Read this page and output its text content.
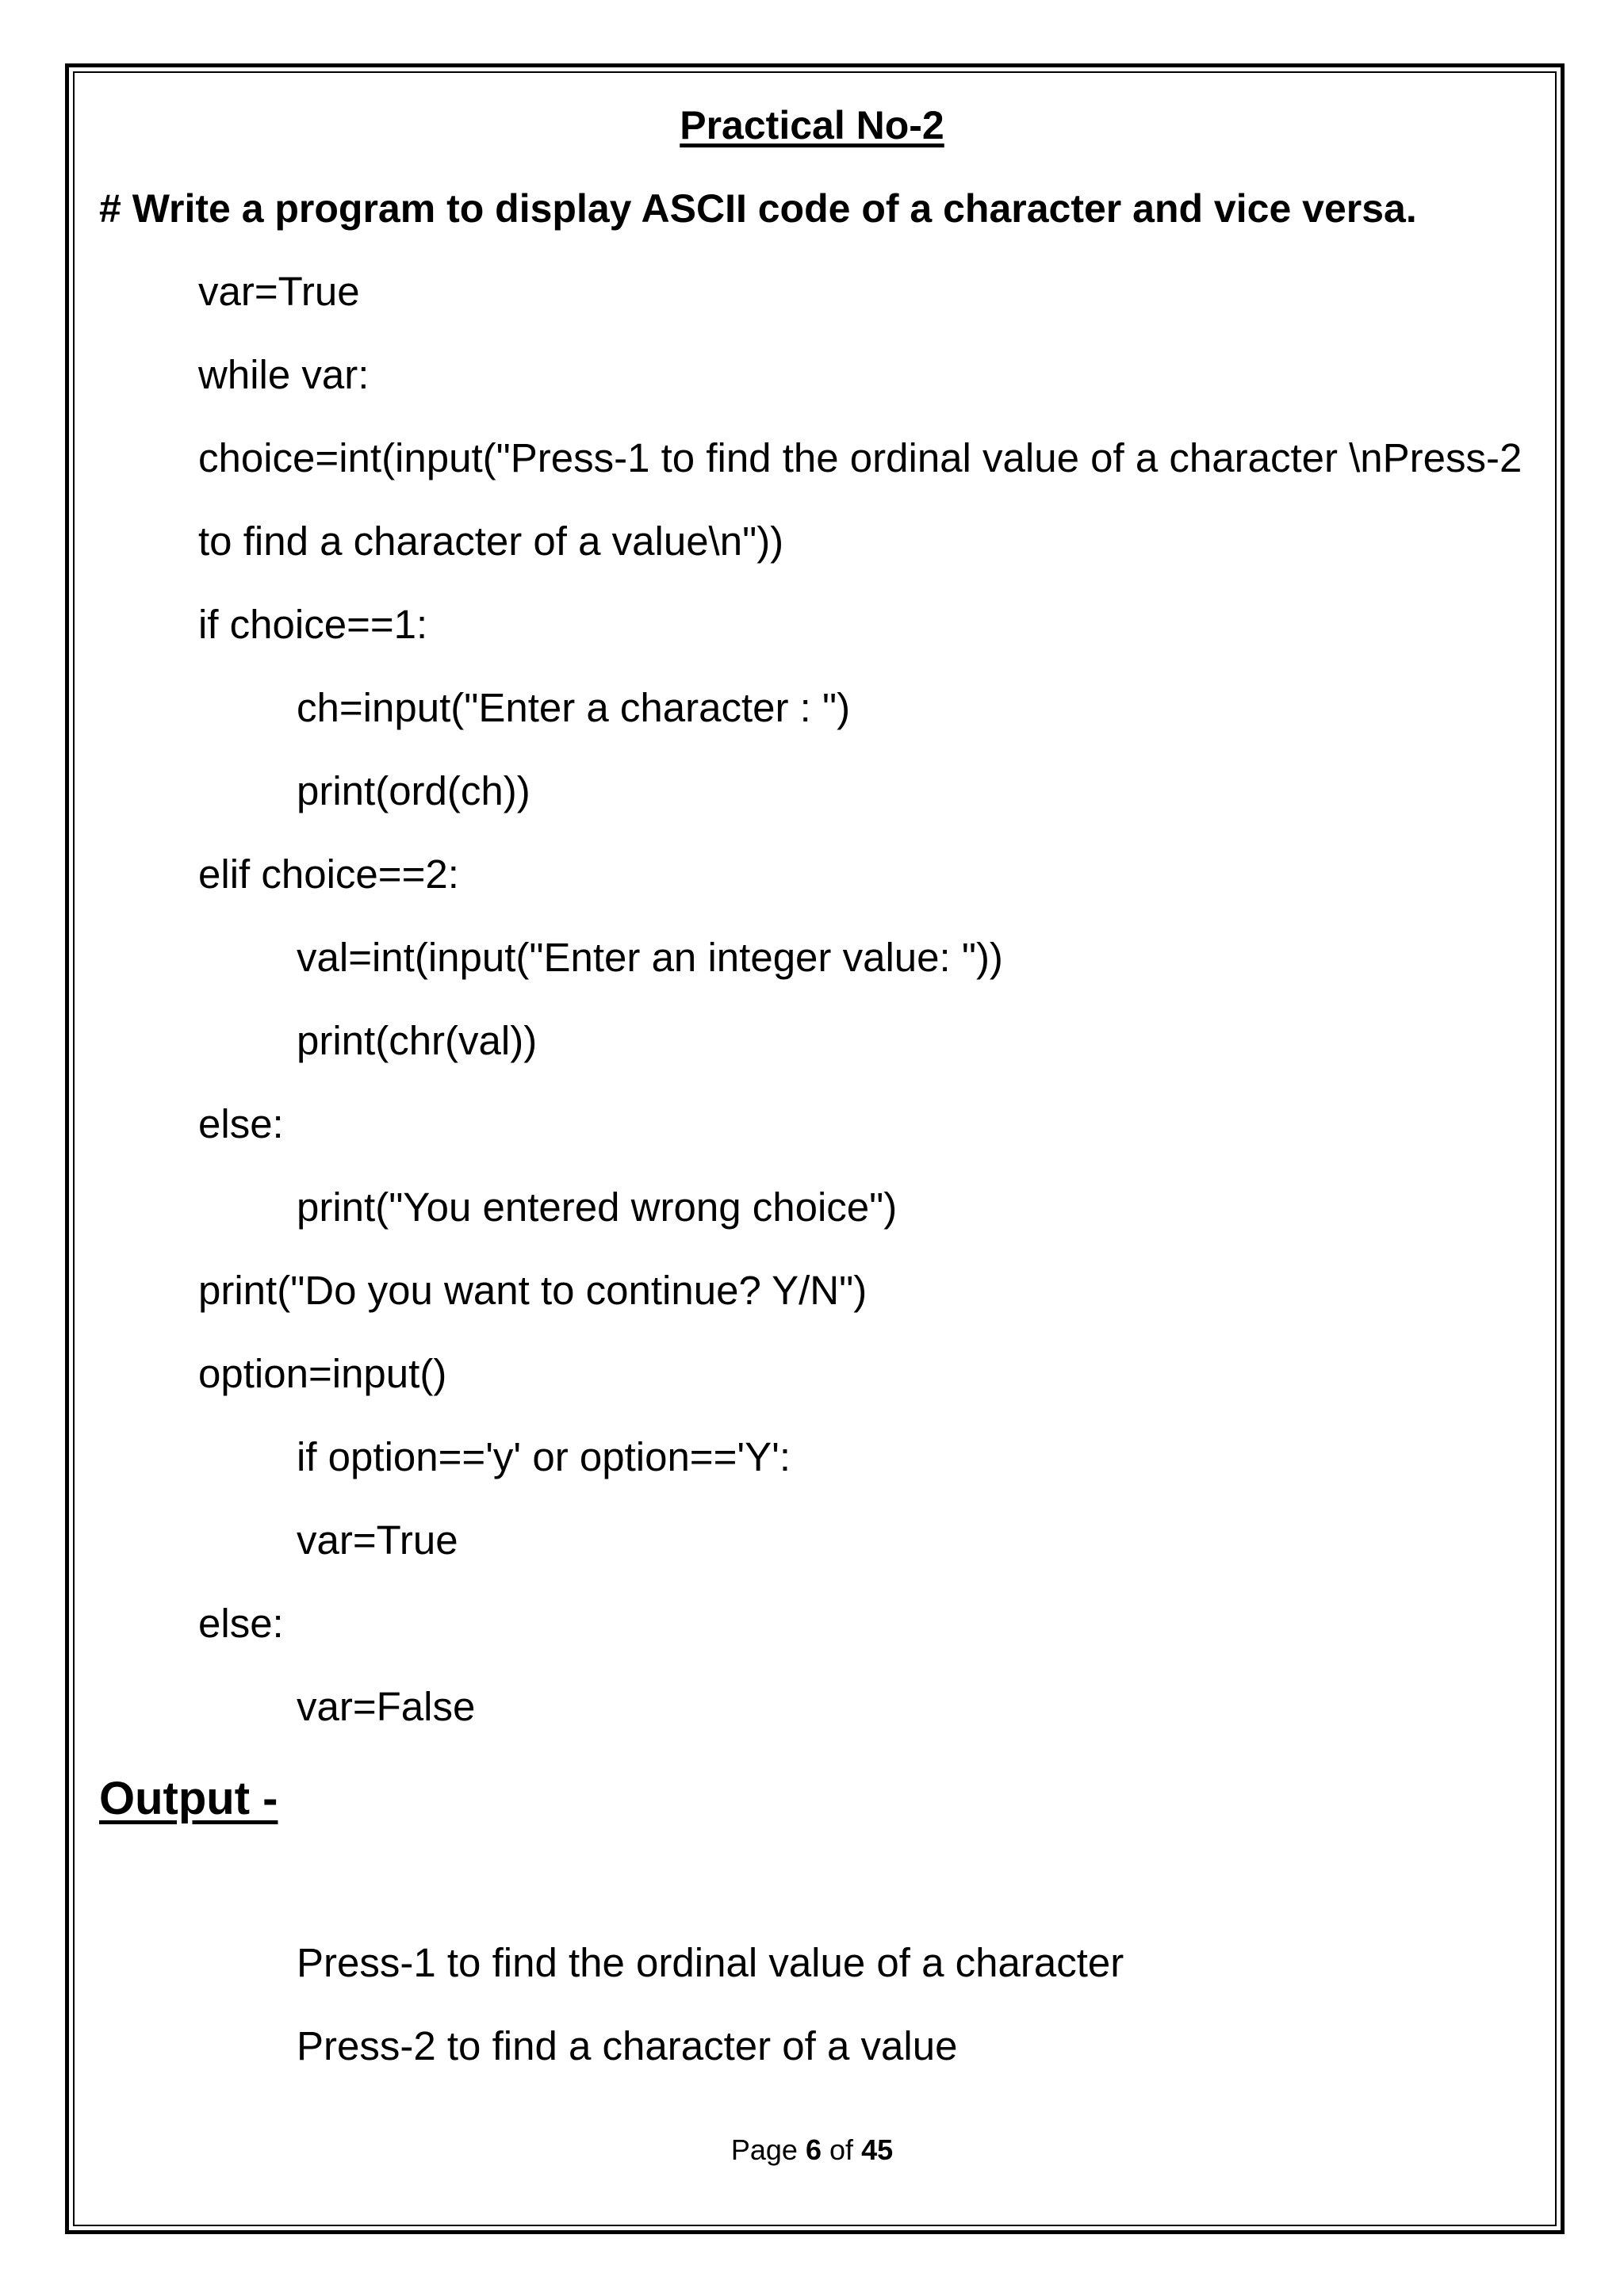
Practical No-2
# Write a program to display ASCII code of a character and vice versa.
var=True
while var:
choice=int(input("Press-1 to find the ordinal value of a character \nPress-2
to find a character of a value\n"))
if choice==1:
ch=input("Enter a character : ")
print(ord(ch))
elif choice==2:
val=int(input("Enter an integer value: "))
print(chr(val))
else:
print("You entered wrong choice")
print("Do you want to continue? Y/N")
option=input()
if option=='y' or option=='Y':
var=True
else:
var=False
Output -
Press-1 to find the ordinal value of a character
Press-2 to find a character of a value
Page 6 of 45
